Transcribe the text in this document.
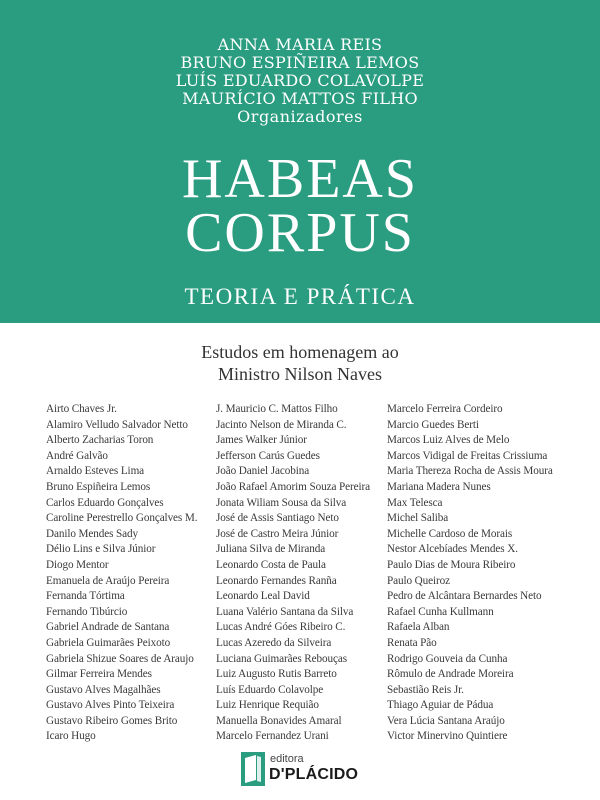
ANNA MARIA REIS
BRUNO ESPIÑEIRA LEMOS
LUÍS EDUARDO COLAVOLPE
MAURÍCIO MATTOS FILHO
Organizadores
HABEAS
CORPUS
TEORIA E PRÁTICA
Estudos em homenagem ao
Ministro Nilson Naves
Airto Chaves Jr.
Alamiro Velludo Salvador Netto
Alberto Zacharias Toron
André Galvão
Arnaldo Esteves Lima
Bruno Espiñeira Lemos
Carlos Eduardo Gonçalves
Caroline Perestrello Gonçalves M.
Danilo Mendes Sady
Délio Lins e Silva Júnior
Diogo Mentor
Emanuela de Araújo Pereira
Fernanda Tórtima
Fernando Tibúrcio
Gabriel Andrade de Santana
Gabriela Guimarães Peixoto
Gabriela Shizue Soares de Araujo
Gilmar Ferreira Mendes
Gustavo Alves Magalhães
Gustavo Alves Pinto Teixeira
Gustavo Ribeiro Gomes Brito
Icaro Hugo
J. Mauricio C. Mattos Filho
Jacinto Nelson de Miranda C.
James Walker Júnior
Jefferson Carús Guedes
João Daniel Jacobina
João Rafael Amorim Souza Pereira
Jonata Wiliam Sousa da Silva
José de Assis Santiago Neto
José de Castro Meira Júnior
Juliana Silva de Miranda
Leonardo Costa de Paula
Leonardo Fernandes Ranña
Leonardo Leal David
Luana Valério Santana da Silva
Lucas André Góes Ribeiro C.
Lucas Azeredo da Silveira
Luciana Guimarães Rebouças
Luiz Augusto Rutis Barreto
Luís Eduardo Colavolpe
Luiz Henrique Requião
Manuella Bonavides Amaral
Marcelo Fernandez Urani
Marcelo Ferreira Cordeiro
Marcio Guedes Berti
Marcos Luiz Alves de Melo
Marcos Vidigal de Freitas Crissiuma
Maria Thereza Rocha de Assis Moura
Mariana Madera Nunes
Max Telesca
Michel Saliba
Michelle Cardoso de Morais
Nestor Alcebíades Mendes X.
Paulo Dias de Moura Ribeiro
Paulo Queiroz
Pedro de Alcântara Bernardes Neto
Rafael Cunha Kullmann
Rafaela Alban
Renata Pão
Rodrigo Gouveia da Cunha
Rômulo de Andrade Moreira
Sebastião Reis Jr.
Thiago Aguiar de Pádua
Vera Lúcia Santana Araújo
Victor Minervino Quintiere
editora
D'PLÁCIDO
